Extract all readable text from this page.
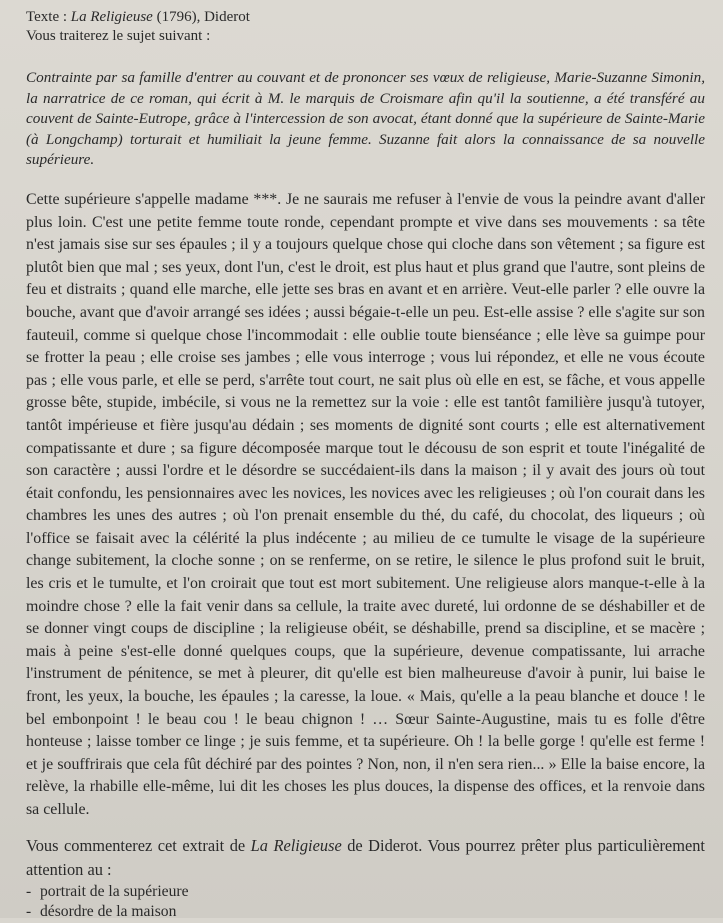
Texte : La Religieuse (1796), Diderot

Vous traiterez le sujet suivant :

Contrainte par sa famille d'entrer au couvant et de prononcer ses vœux de religieuse, Marie-Suzanne Simonin, la narratrice de ce roman, qui écrit à M. le marquis de Croismare afin qu'il la soutienne, a été transféré au couvent de Sainte-Eutrope, grâce à l'intercession de son avocat, étant donné que la supérieure de Sainte-Marie (à Longchamp) torturait et humiliait la jeune femme. Suzanne fait alors la connaissance de sa nouvelle supérieure.

Cette supérieure s'appelle madame ***. Je ne saurais me refuser à l'envie de vous la peindre avant d'aller plus loin. C'est une petite femme toute ronde, cependant prompte et vive dans ses mouvements : sa tête n'est jamais sise sur ses épaules ; il y a toujours quelque chose qui cloche dans son vêtement ; sa figure est plutôt bien que mal ; ses yeux, dont l'un, c'est le droit, est plus haut et plus grand que l'autre, sont pleins de feu et distraits ; quand elle marche, elle jette ses bras en avant et en arrière. Veut-elle parler ? elle ouvre la bouche, avant que d'avoir arrangé ses idées ; aussi bégaie-t-elle un peu. Est-elle assise ? elle s'agite sur son fauteuil, comme si quelque chose l'incommodait : elle oublie toute bienséance ; elle lève sa guimpe pour se frotter la peau ; elle croise ses jambes ; elle vous interroge ; vous lui répondez, et elle ne vous écoute pas ; elle vous parle, et elle se perd, s'arrête tout court, ne sait plus où elle en est, se fâche, et vous appelle grosse bête, stupide, imbécile, si vous ne la remettez sur la voie : elle est tantôt familière jusqu'à tutoyer, tantôt impérieuse et fière jusqu'au dédain ; ses moments de dignité sont courts ; elle est alternativement compatissante et dure ; sa figure décomposée marque tout le décousu de son esprit et toute l'inégalité de son caractère ; aussi l'ordre et le désordre se succédaient-ils dans la maison ; il y avait des jours où tout était confondu, les pensionnaires avec les novices, les novices avec les religieuses ; où l'on courait dans les chambres les unes des autres ; où l'on prenait ensemble du thé, du café, du chocolat, des liqueurs ; où l'office se faisait avec la célérité la plus indécente ; au milieu de ce tumulte le visage de la supérieure change subitement, la cloche sonne ; on se renferme, on se retire, le silence le plus profond suit le bruit, les cris et le tumulte, et l'on croirait que tout est mort subitement. Une religieuse alors manque-t-elle à la moindre chose ? elle la fait venir dans sa cellule, la traite avec dureté, lui ordonne de se déshabiller et de se donner vingt coups de discipline ; la religieuse obéit, se déshabille, prend sa discipline, et se macère ; mais à peine s'est-elle donné quelques coups, que la supérieure, devenue compatissante, lui arrache l'instrument de pénitence, se met à pleurer, dit qu'elle est bien malheureuse d'avoir à punir, lui baise le front, les yeux, la bouche, les épaules ; la caresse, la loue. « Mais, qu'elle a la peau blanche et douce ! le bel embonpoint ! le beau cou ! le beau chignon ! … Sœur Sainte-Augustine, mais tu es folle d'être honteuse ; laisse tomber ce linge ; je suis femme, et ta supérieure. Oh ! la belle gorge ! qu'elle est ferme ! et je souffrirais que cela fût déchiré par des pointes ? Non, non, il n'en sera rien... » Elle la baise encore, la relève, la rhabille elle-même, lui dit les choses les plus douces, la dispense des offices, et la renvoie dans sa cellule.

Vous commenterez cet extrait de La Religieuse de Diderot. Vous pourrez prêter plus particulièrement attention au :

- portrait de la supérieure
- désordre de la maison
